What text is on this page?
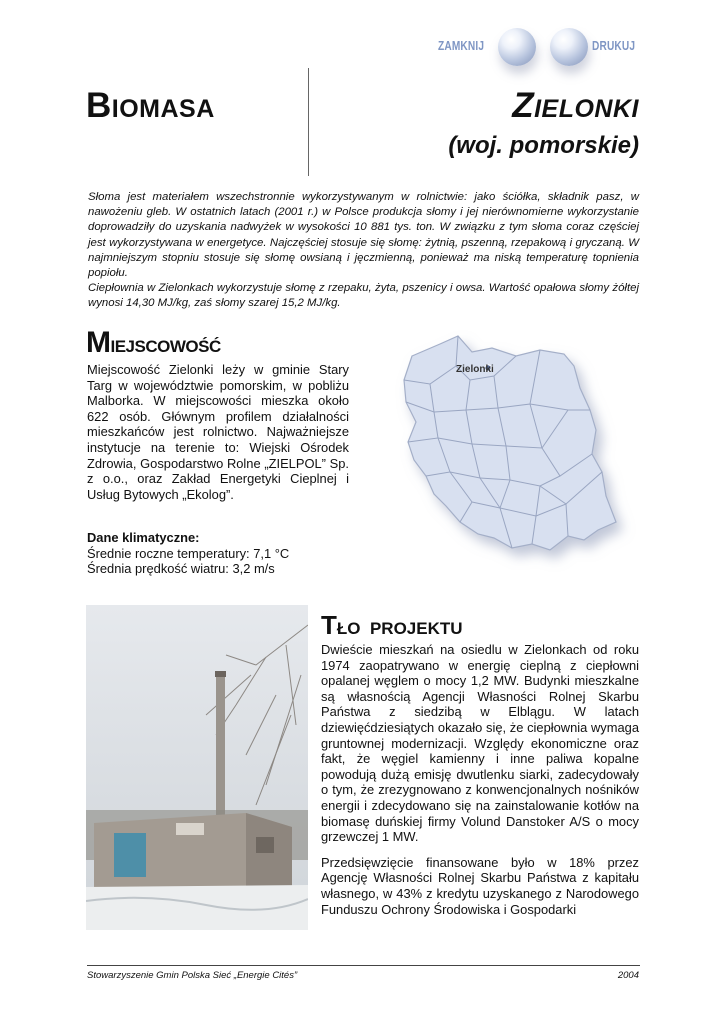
ZAMKNIJ	DRUKUJ
BIOMASA	ZIELONKI
(woj. pomorskie)

Słoma jest materiałem wszechstronnie wykorzystywanym w rolnictwie: jako ściółka, składnik pasz, w nawożeniu gleb. W ostatnich latach (2001 r.) w Polsce produkcja słomy i jej nierównomierne wykorzystanie doprowadziły do uzyskania nadwyżek w wysokości 10 881 tys. ton. W związku z tym słoma coraz częściej jest wykorzystywana w energetyce. Najczęściej stosuje się słomę: żytnią, pszenną, rzepakową i gryczaną. W najmniejszym stopniu stosuje się słomę owsianą i jęczmienną, ponieważ ma niską temperaturę topnienia popiołu.

Ciepłownia w Zielonkach wykorzystuje słomę z rzepaku, żyta, pszenicy i owsa. Wartość opałowa słomy żółtej wynosi 14,30 MJ/kg, zaś słomy szarej 15,2 MJ/kg.

MIEJSCOWOŚĆ
Miejscowość Zielonki leży w gminie Stary Targ w województwie pomorskim, w pobliżu Malborka. W miejscowości mieszka około 622 osób. Głównym profilem działalności mieszkańców jest rolnictwo. Najważniejsze instytucje na terenie to: Wiejski Ośrodek Zdrowia, Gospodarstwo Rolne „ZIELPOL” Sp. z o.o., oraz Zakład Energetyki Cieplnej i Usług Bytowych „Ekolog”.
Dane klimatyczne:
Średnie roczne temperatury: 7,1 °C
Średnia prędkość wiatru: 3,2 m/s
Zielonki
TŁO PROJEKTU

Dwieście mieszkań na osiedlu w Zielonkach od roku 1974 zaopatrywano w energię cieplną z ciepłowni opalanej węglem o mocy 1,2 MW. Budynki mieszkalne są własnością Agencji Własności Rolnej Skarbu Państwa z siedzibą w Elblągu. W latach dziewięćdziesiątych okazało się, że ciepłownia wymaga gruntownej modernizacji. Względy ekonomiczne oraz fakt, że węgiel kamienny i inne paliwa kopalne powodują dużą emisję dwutlenku siarki, zadecydowały o tym, że zrezygnowano z konwencjonalnych nośników energii i zdecydowano się na zainstalowanie kotłów na biomasę duńskiej firmy Volund Danstoker A/S o mocy grzewczej 1 MW.

Przedsięwzięcie finansowane było w 18% przez Agencję Własności Rolnej Skarbu Państwa z kapitału własnego, w 43% z kredytu uzyskanego z Narodowego Funduszu Ochrony Środowiska i Gospodarki

Stowarzyszenie Gmin Polska Sieć „Energie Cités”	2004
